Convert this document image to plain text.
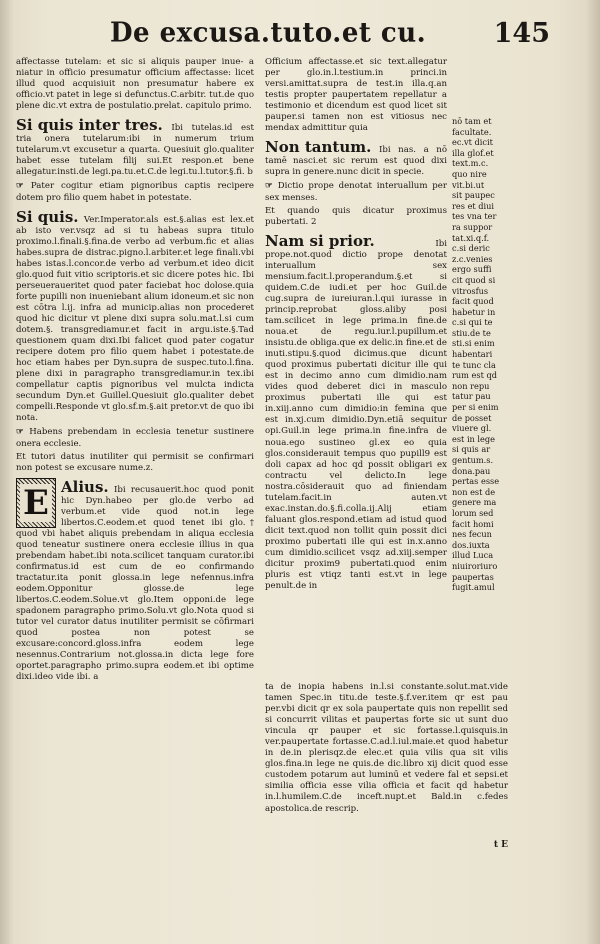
De excusa.tuto.et cu. 145

affectasse tutelam: et sic si aliquis pauper inue- a niatur in officio presumatur officium affectasse: licet illud quod acquisiuit non presumatur habere ex officio.vt patet in lege si defunctus.C.arbitr. tut.de quo plene dic.vt extra de postulatio.prelat. capitulo primo.

Si quis inter tres. Ibi tutelas.id est tria onera tutelarum:ibi in numerum trium tutelarum.vt excusetur a quarta. Quesiuit glo.qualiter habet esse tutelam filij sui.Et respon.et bene allegatur.insti.de legi.pa.tu.et.C.de legi.tu.l.tutor.§.fi. b

☞ Pater cogitur etiam pignoribus captis recipere dotem pro filio quem habet in potestate.

Si quis. Ver.Imperator.als est.§.alias est lex.et ab isto ver.vsqz ad si tu habeas supra titulo proximo.l.finali.§.fina.de verbo ad verbum.fic et alias habes.supra de distrac.pigno.l.arbiter.et lege finali.vbi habes istas.l.concor.de verbo ad verbum.et ideo dicit glo.quod fuit vitio scriptoris.et sic dicere potes hic. Ibi perseueraueritet quod pater faciebat hoc dolose.quia forte pupilli non inueniebant alium idoneum.et sic non est cōtra l.ij. infra ad municip.alias non procederet quod hic dicitur vt plene dixi supra solu.mat.l.si cum dotem.§. transgrediamur.et facit in argu.iste.§.Tad questionem quam dixi.Ibi falicet quod pater cogatur recipere dotem pro filio quem habet i potestate.de hoc etiam habes per Dyn.supra de suspec.tuto.l.fina. plene dixi in paragrapho transgrediamur.in tex.ibi compellatur captis pignoribus vel mulcta indicta secundum Dyn.et Guillel.Quesiuit glo.qualiter debet compelli.Responde vt glo.sf.m.§.ait pretor.vt de quo ibi nota.

☞ Habens prebendam in ecclesia tenetur sustinere onera ecclesie.

Et tutori datus inutiliter qui permisit se confirmari non potest se excusare nume.z.

E Alius. Ibi recusauerit.hoc quod ponit hic Dyn.habeo per glo.de verbo ad verbum.et vide quod not.in lege libertos.C.eodem.et quod tenet ibi glo.† quod vbi habet aliquis prebendam in aliqua ecclesia quod teneatur sustinere onera ecclesie illius in qua prebendam habet.ibi nota.scilicet tanquam curator.ibi confirmatus.id est cum de eo confirmando tractatur.ita ponit glossa.in lege nefennus.infra eodem.Opponitur glosse.de lege libertos.C.eodem.Solue.vt glo.Item opponi.de lege spadonem paragrapho primo.Solu.vt glo.Nota quod si tutor vel curator datus inutiliter permisit se cōfirmari quod postea non potest se excusare:concord.gloss.infra eodem lege nesennus.Contrarium not.glossa.in dicta lege fore oportet.paragrapho primo.supra eodem.et ibi optime dixi.ideo vide ibi. a

Officium affectasse.et sic text.allegatur per glo.in.l.testium.in princi.in versi.amittat.supra de test.in illa.q.an testis propter paupertatem repellatur a testimonio et dicendum est quod licet sit pauper.si tamen non est vitiosus nec mendax admittitur quia

Non tantum. Ibi nas. a nō tamē nasci.et sic rerum est quod dixi supra in genere.nunc dicit in specie.

☞ Dictio prope denotat interuallum per sex menses.

Et quando quis dicatur proximus pubertati. 2

Nam si prior.	Ibi prope.not.quod dictio prope denotat interuallum sex mensium.facit.l.properandum.§.et si quidem.C.de iudi.et per hoc Guil.de cug.supra de iureiuran.l.qui iurasse in princip.reprobat gloss.aliby posi tam.scilicet in lege prima.in fine.de noua.et de regu.iur.l.pupillum.et insistu.de obliga.que ex delic.in fine.et de inuti.stipu.§.quod dicimus.que dicunt quod proximus pubertati dicitur ille qui est in decimo anno cum dimidio.nam vides quod deberet dici in masculo proximus pubertati ille qui est in.xiij.anno cum dimidio:in femina que est in.xj.cum dimidio.Dyn.etiā sequitur opi.Guil.in lege prima.in fine.infra de noua.ego sustineo gl.ex eo quia glos.considerauit tempus quo pupill9 est doli capax ad hoc qd possit obligari ex contractu vel delicto.In lege nostra.cōsiderauit quo ad finiendam tutelam.facit.in auten.vt exac.instan.do.§.fi.colla.ij.Alij etiam faluant glos.respond.etiam ad istud quod dicit text.quod non tollit quin possit dici proximo pubertati ille qui est in.x.anno cum dimidio.scilicet vsqz ad.xiij.semper dicitur proxim9 pubertati.quod enim pluris est vtiqz tanti est.vt in lege penult.de in
nō tam et
facultate.
ec.vt dicit
illa glof.et
text.m.c.
quo nire
vit.bi.ut
sit paupec
res et diui
tes vna ter
ra suppor
tat.xi.q.f.
c.si deric
z.c.venies
ergo suffi
cit quod si
vitrosfus
facit quod
habetur in
c.si qui te
stiu.de te
sti.si enim
habentari
te tunc cla
rum est qd
non repu
tatur pau
per si enim
de posset
viuere gl.
est in lege
si quis ar
gentum.s.
dona.pau
pertas esse
non est de
genere ma
lorum sed
facit homi
nes fecun
dos.iuxta
illud Luca
niuiroriuro
paupertas
fugit.amul

ta de inopia habens in.l.si constante.solut.mat.vide tamen Spec.in titu.de teste.§.f.ver.item qr est pau per.vbi dicit qr ex sola paupertate quis non repellit sed si concurrit vilitas et paupertas forte sic ut sunt duo vincula qr pauper et sic fortasse.l.quisquis.in ver.paupertate fortasse.C.ad.l.iul.maie.et quod habetur in de.in plerisqz.de elec.et quia vilis qua sit vilis glos.fina.in lege ne quis.de dic.libro xij dicit quod esse custodem potarum aut luminū et vedere fal et sepsi.et similia officia esse vilia officia et facit qd habetur in.l.humilem.C.de inceft.nupt.et Bald.in c.fedes apostolica.de rescrip.

t E
